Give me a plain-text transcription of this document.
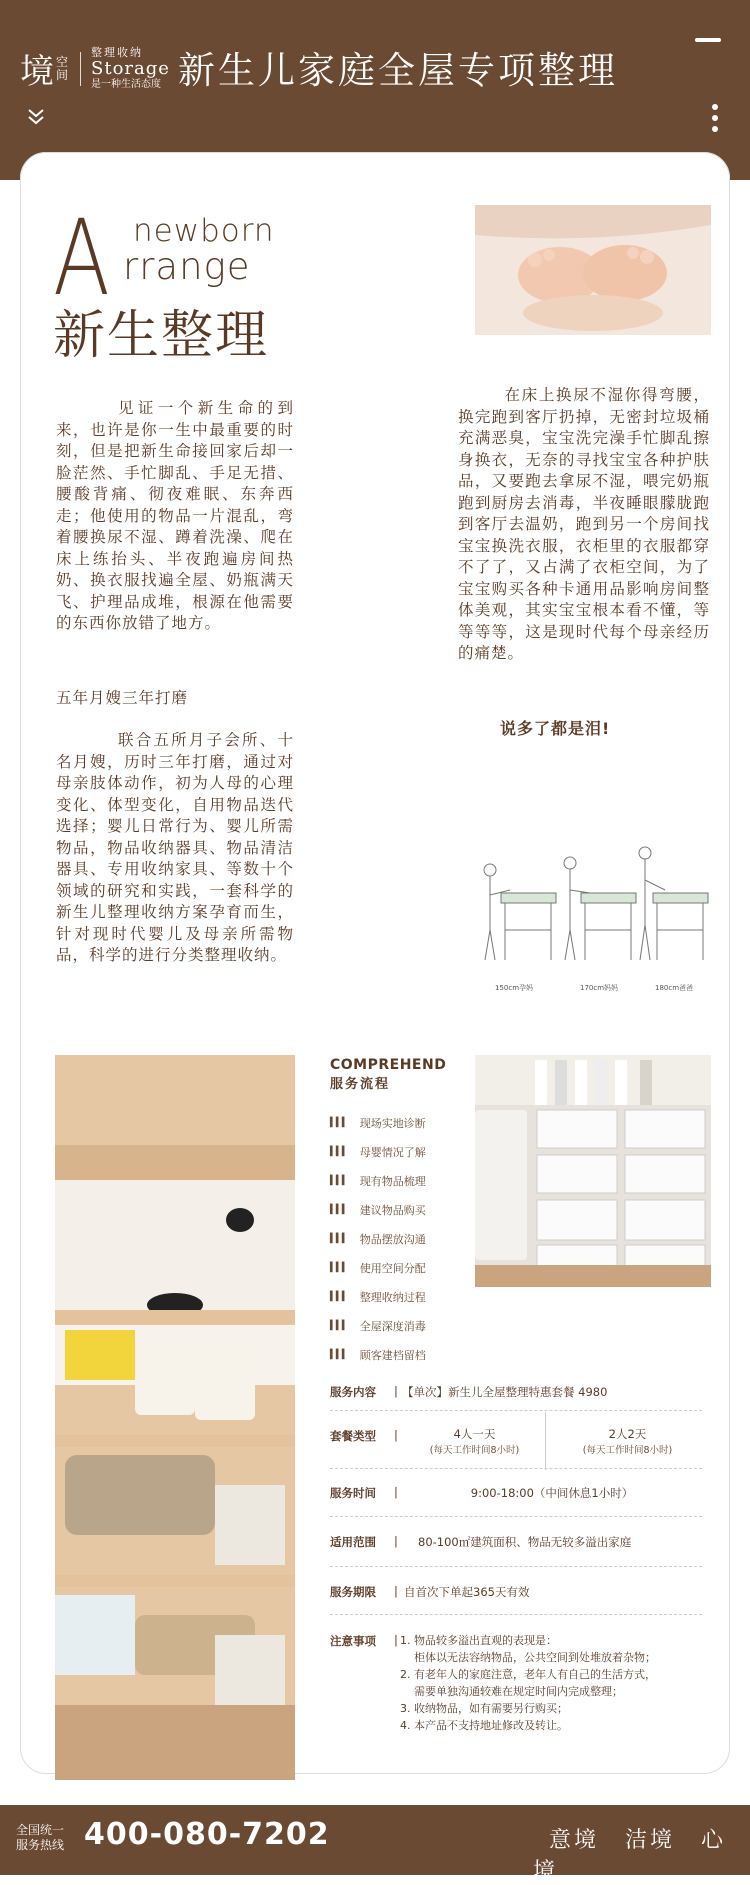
境 空间
整理收纳
Storage
是一种生活态度 新生儿家庭全屋专项整理
A newborn
rrange
新生整理
见证一个新生命的到来，也许是你一生中最重要的时刻，但是把新生命接回家后却一脸茫然、手忙脚乱、手足无措、腰酸背痛、彻夜难眠、东奔西走；他使用的物品一片混乱，弯着腰换尿不湿、蹲着洗澡、爬在床上练抬头、半夜跑遍房间热奶、换衣服找遍全屋、奶瓶满天飞、护理品成堆，根源在他需要的东西你放错了地方。
五年月嫂三年打磨
联合五所月子会所、十名月嫂，历时三年打磨，通过对母亲肢体动作，初为人母的心理变化、体型变化，自用物品迭代选择；婴儿日常行为、婴儿所需物品，物品收纳器具、物品清洁器具、专用收纳家具、等数十个领域的研究和实践，一套科学的新生儿整理收纳方案孕育而生，针对现时代婴儿及母亲所需物品，科学的进行分类整理收纳。
在床上换尿不湿你得弯腰，换完跑到客厅扔掉，无密封垃圾桶充满恶臭，宝宝洗完澡手忙脚乱擦身换衣，无奈的寻找宝宝各种护肤品，又要跑去拿尿不湿，喂完奶瓶跑到厨房去消毒，半夜睡眼朦胧跑到客厅去温奶，跑到另一个房间找宝宝换洗衣服，衣柜里的衣服都穿不了了，又占满了衣柜空间，为了宝宝购买各种卡通用品影响房间整体美观，其实宝宝根本看不懂，等等等等，这是现时代每个母亲经历的痛楚。
说多了都是泪!
150cm孕妈	170cm妈妈	180cm爸爸
COMPREHEND
服务流程
▍▍▍ 现场实地诊断
▍▍▍ 母婴情况了解
▍▍▍ 现有物品梳理
▍▍▍ 建议物品购买
▍▍▍ 物品摆放沟通
▍▍▍ 使用空间分配
▍▍▍ 整理收纳过程
▍▍▍ 全屋深度消毒
▍▍▍ 顾客建档留档
服务内容 | 【单次】新生儿全屋整理特惠套餐 4980
套餐类型 |	4人一天
(每天工作时间8小时)
2人2天
(每天工作时间8小时)
服务时间 |	9:00-18:00（中间休息1小时）
适用范围 | 80-100㎡建筑面积、物品无较多溢出家庭
服务期限 | 自首次下单起365天有效
注意事项 | 1. 物品较多溢出直观的表现是：
柜体以无法容纳物品，公共空间到处堆放着杂物；
2. 有老年人的家庭注意，老年人有自己的生活方式，
需要单独沟通较难在规定时间内完成整理；
3. 收纳物品，如有需要另行购买；
4. 本产品不支持地址修改及转让。
全国统一
服务热线 400-080-7202	意境 洁境 心境
